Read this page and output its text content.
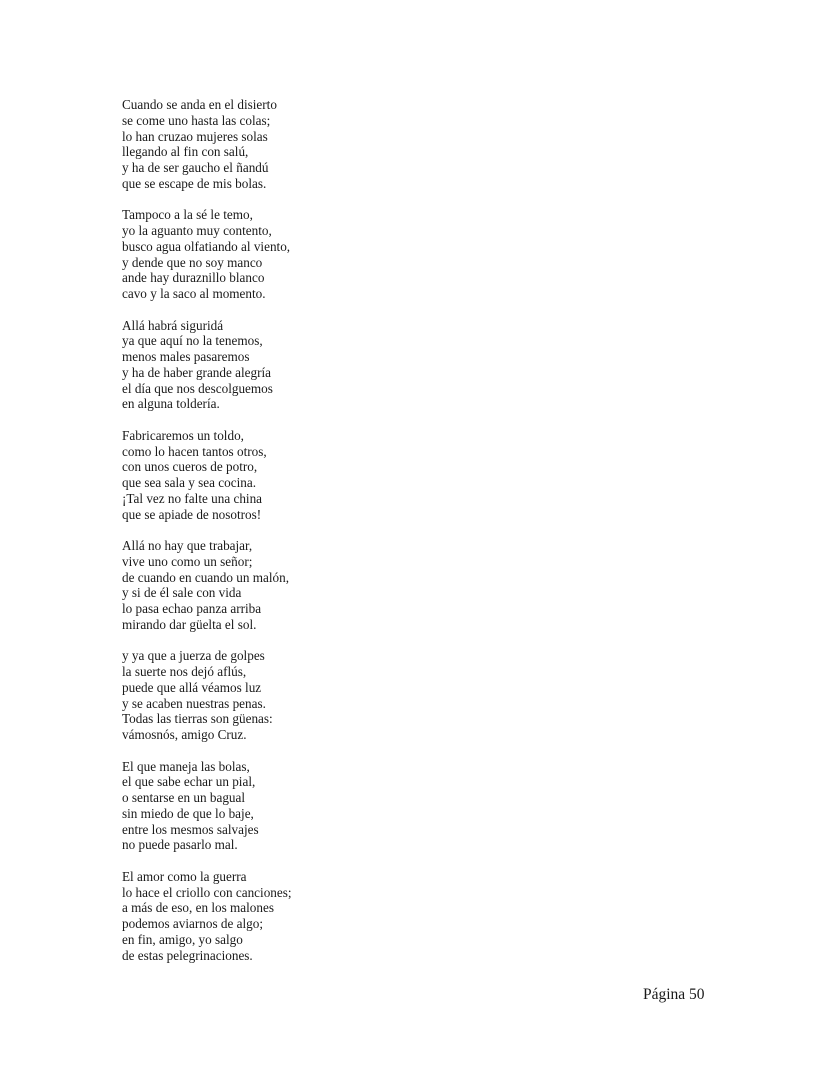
Cuando se anda en el disierto
se come uno hasta las colas;
lo han cruzao mujeres solas
llegando al fin con salú,
y ha de ser gaucho el ñandú
que se escape de mis bolas.
Tampoco a la sé le temo,
yo la aguanto muy contento,
busco agua olfatiando al viento,
y dende que no soy manco
ande hay duraznillo blanco
cavo y la saco al momento.
Allá habrá siguridá
ya que aquí no la tenemos,
menos males pasaremos
y ha de haber grande alegría
el día que nos descolguemos
en alguna toldería.
Fabricaremos un toldo,
como lo hacen tantos otros,
con unos cueros de potro,
que sea sala y sea cocina.
¡Tal vez no falte una china
que se apiade de nosotros!
Allá no hay que trabajar,
vive uno como un señor;
de cuando en cuando un malón,
y si de él sale con vida
lo pasa echao panza arriba
mirando dar güelta el sol.
y ya que a juerza de golpes
la suerte nos dejó aflús,
puede que allá véamos luz
y se acaben nuestras penas.
Todas las tierras son güenas:
vámosnós, amigo Cruz.
El que maneja las bolas,
el que sabe echar un pial,
o sentarse en un bagual
sin miedo de que lo baje,
entre los mesmos salvajes
no puede pasarlo mal.
El amor como la guerra
lo hace el criollo con canciones;
a más de eso, en los malones
podemos aviarnos de algo;
en fin, amigo, yo salgo
de estas pelegrinaciones.
Página 50
